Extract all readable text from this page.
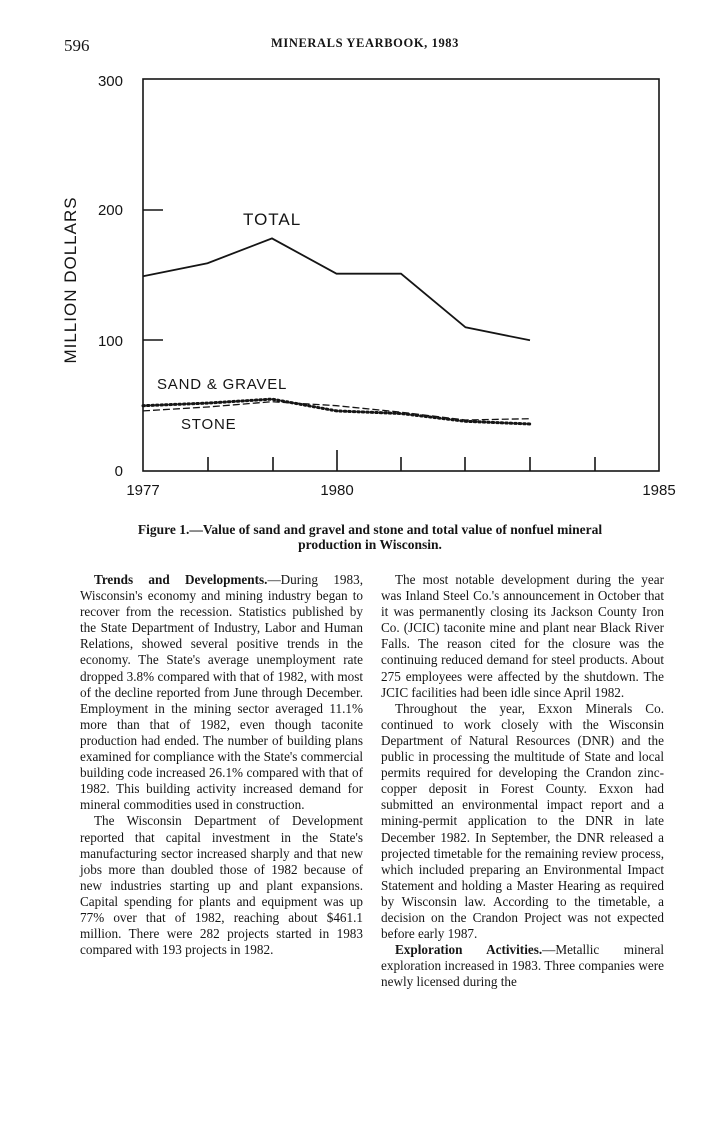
596	MINERALS YEARBOOK, 1983
MILLION DOLLARS
0
100
200
300
1977	1980	1985
TOTAL
SAND & GRAVEL
STONE
Figure 1.—Value of sand and gravel and stone and total value of nonfuel mineral
production in Wisconsin.

Trends and Developments.—During 1983, Wisconsin's economy and mining industry began to recover from the recession. Statistics published by the State Department of Industry, Labor and Human Relations, showed several positive trends in the economy. The State's average unemployment rate dropped 3.8% compared with that of 1982, with most of the decline reported from June through December. Employment in the mining sector averaged 11.1% more than that of 1982, even though taconite production had ended. The number of building plans examined for compliance with the State's commercial building code increased 26.1% compared with that of 1982. This building activity increased demand for mineral commodities used in construction.

The Wisconsin Department of Development reported that capital investment in the State's manufacturing sector increased sharply and that new jobs more than doubled those of 1982 because of new industries starting up and plant expansions. Capital spending for plants and equipment was up 77% over that of 1982, reaching about $461.1 million. There were 282 projects started in 1983 compared with 193 projects in 1982.

The most notable development during the year was Inland Steel Co.'s announcement in October that it was permanently closing its Jackson County Iron Co. (JCIC) taconite mine and plant near Black River Falls. The reason cited for the closure was the continuing reduced demand for steel products. About 275 employees were affected by the shutdown. The JCIC facilities had been idle since April 1982.

Throughout the year, Exxon Minerals Co. continued to work closely with the Wisconsin Department of Natural Resources (DNR) and the public in processing the multitude of State and local permits required for developing the Crandon zinc-copper deposit in Forest County. Exxon had submitted an environmental impact report and a mining-permit application to the DNR in late December 1982. In September, the DNR released a projected timetable for the remaining review process, which included preparing an Environmental Impact Statement and holding a Master Hearing as required by Wisconsin law. According to the timetable, a decision on the Crandon Project was not expected before early 1987.

Exploration Activities.—Metallic mineral exploration increased in 1983. Three companies were newly licensed during the
